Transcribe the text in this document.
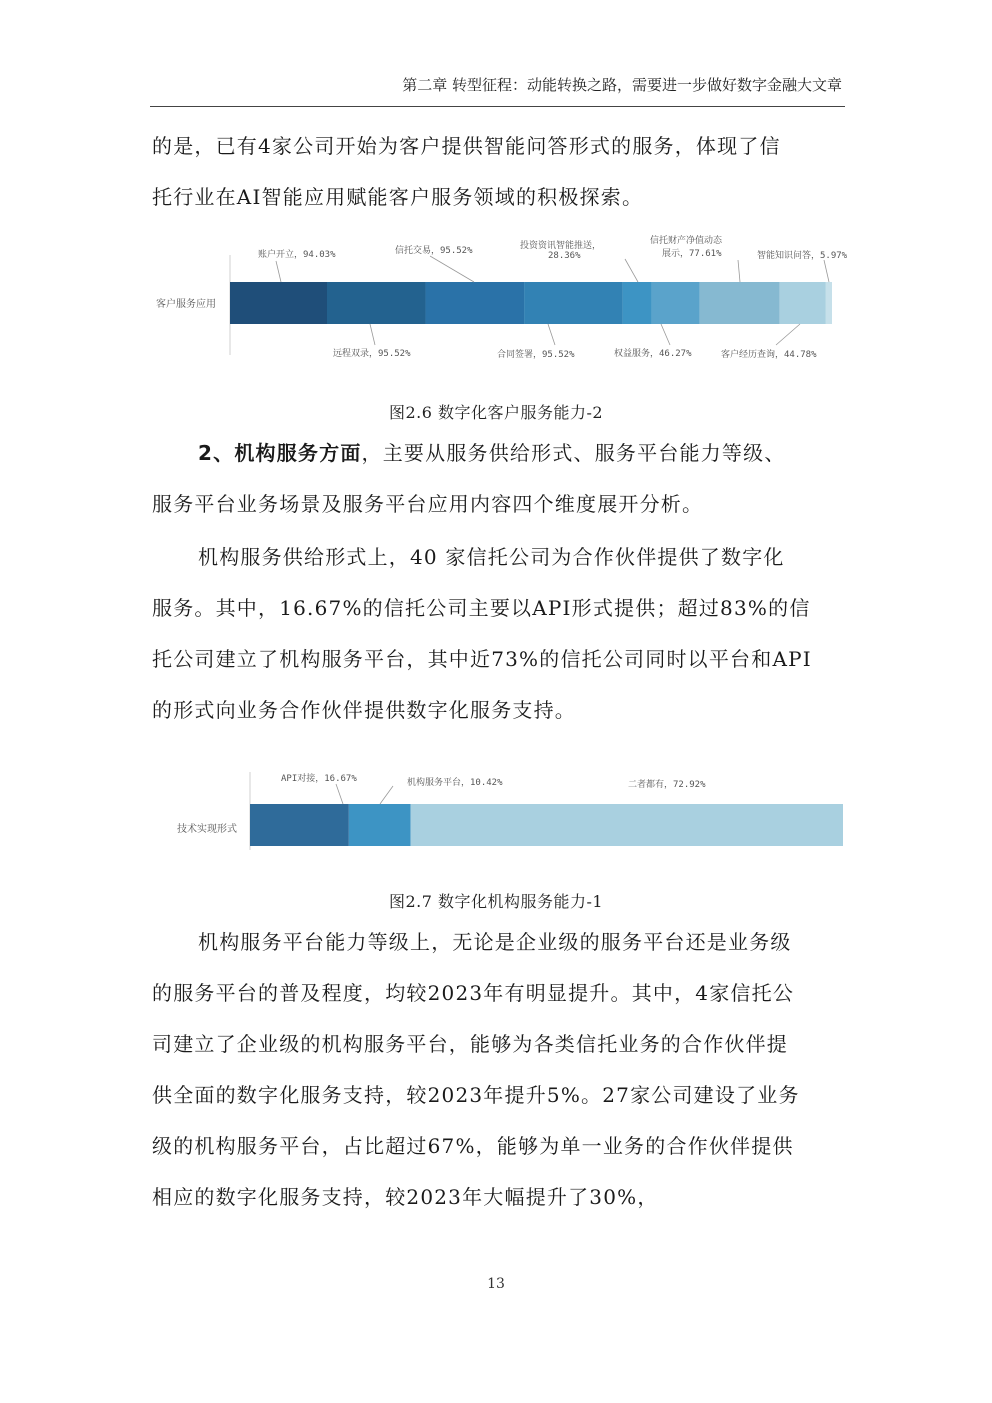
第二章 转型征程：动能转换之路，需要进一步做好数字金融大文章
的是，已有4家公司开始为客户提供智能问答形式的服务，体现了信
托行业在AI智能应用赋能客户服务领域的积极探索。
客户服务应用
账户开立，94.03%	信托交易，95.52%	投资资讯智能推送，
28.36%
信托财产净值动态
展示，77.61%	智能知识问答，5.97%
远程双录，95.52%	合同签署，95.52%	权益服务，46.27%	客户经历查询，44.78%
图2.6 数字化客户服务能力-2
2、机构服务方面，主要从服务供给形式、服务平台能力等级、
服务平台业务场景及服务平台应用内容四个维度展开分析。
机构服务供给形式上，40 家信托公司为合作伙伴提供了数字化
服务。其中，16.67%的信托公司主要以API形式提供；超过83%的信
托公司建立了机构服务平台，其中近73%的信托公司同时以平台和API
的形式向业务合作伙伴提供数字化服务支持。
技术实现形式
API对接，16.67%	机构服务平台，10.42%	二者都有，72.92%
图2.7 数字化机构服务能力-1
机构服务平台能力等级上，无论是企业级的服务平台还是业务级
的服务平台的普及程度，均较2023年有明显提升。其中，4家信托公
司建立了企业级的机构服务平台，能够为各类信托业务的合作伙伴提
供全面的数字化服务支持，较2023年提升5%。27家公司建设了业务
级的机构服务平台，占比超过67%，能够为单一业务的合作伙伴提供
相应的数字化服务支持，较2023年大幅提升了30%，
13
